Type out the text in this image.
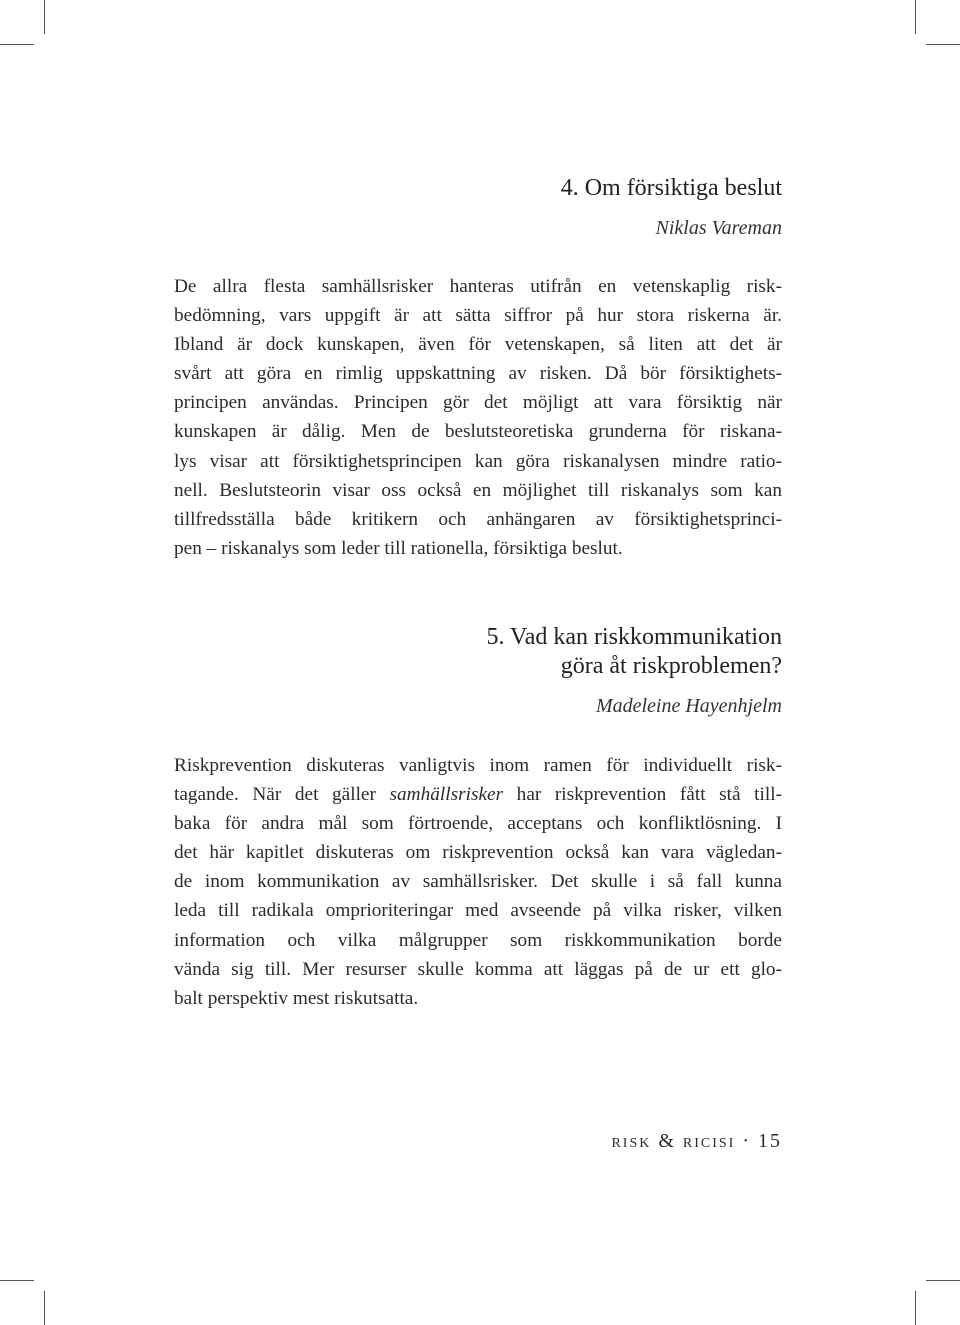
4. Om försiktiga beslut
Niklas Vareman
De allra flesta samhällsrisker hanteras utifrån en vetenskaplig risk-
bedömning, vars uppgift är att sätta siffror på hur stora riskerna är.
Ibland är dock kunskapen, även för vetenskapen, så liten att det är
svårt att göra en rimlig uppskattning av risken. Då bör försiktighets-
principen användas. Principen gör det möjligt att vara försiktig när
kunskapen är dålig. Men de beslutsteoretiska grunderna för riskana-
lys visar att försiktighetsprincipen kan göra riskanalysen mindre ratio-
nell. Beslutsteorin visar oss också en möjlighet till riskanalys som kan
tillfredsställa både kritikern och anhängaren av försiktighetsprinci-
pen – riskanalys som leder till rationella, försiktiga beslut.
5. Vad kan riskkommunikation
göra åt riskproblemen?
Madeleine Hayenhjelm
Riskprevention diskuteras vanligtvis inom ramen för individuellt risk-
tagande. När det gäller samhällsrisker har riskprevention fått stå till-
baka för andra mål som förtroende, acceptans och konfliktlösning. I
det här kapitlet diskuteras om riskprevention också kan vara vägledan-
de inom kommunikation av samhällsrisker. Det skulle i så fall kunna
leda till radikala omprioriteringar med avseende på vilka risker, vilken
information och vilka målgrupper som riskkommunikation borde
vända sig till. Mer resurser skulle komma att läggas på de ur ett glo-
balt perspektiv mest riskutsatta.
risk & ricisi · 15
